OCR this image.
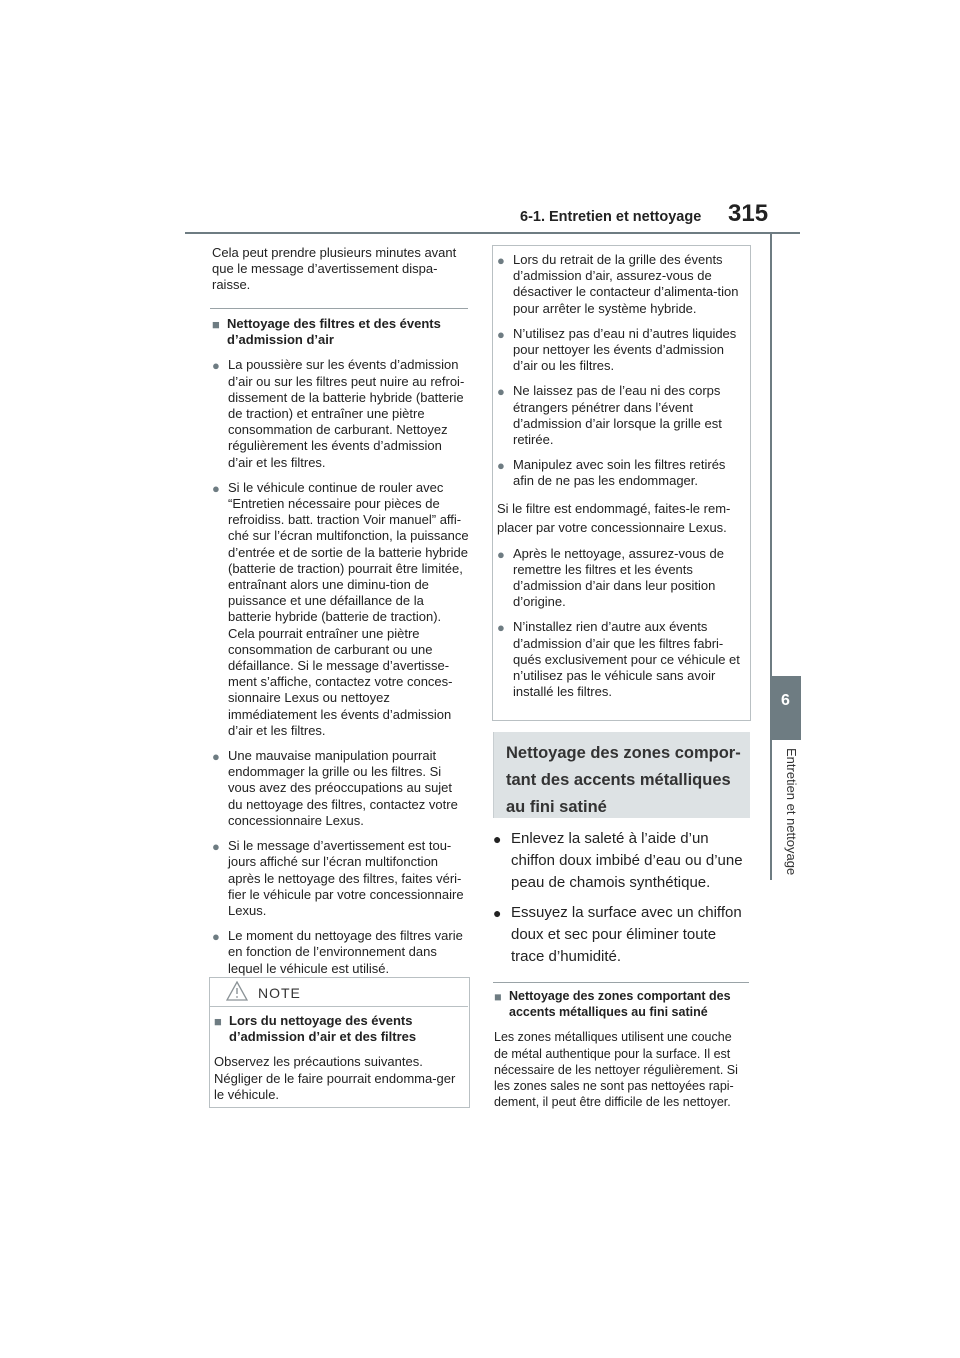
6-1. Entretien et nettoyage 315
6
Entretien et nettoyage
Cela peut prendre plusieurs minutes avant que le message d’avertissement dispa-raisse.
■ Nettoyage des filtres et des évents d’admission d’air
● La poussière sur les évents d’admission d’air ou sur les filtres peut nuire au refroi-dissement de la batterie hybride (batterie de traction) et entraîner une piètre consommation de carburant. Nettoyez régulièrement les évents d’admission d’air et les filtres.
● Si le véhicule continue de rouler avec “Entretien nécessaire pour pièces de refroidiss. batt. traction Voir manuel” affi-ché sur l’écran multifonction, la puissance d’entrée et de sortie de la batterie hybride (batterie de traction) pourrait être limitée, entraînant alors une diminu-tion de puissance et une défaillance de la batterie hybride (batterie de traction). Cela pourrait entraîner une piètre consommation de carburant ou une défaillance. Si le message d’avertisse-ment s’affiche, contactez votre conces-sionnaire Lexus ou nettoyez immédiatement les évents d’admission d’air et les filtres.
● Une mauvaise manipulation pourrait endommager la grille ou les filtres. Si vous avez des préoccupations au sujet du nettoyage des filtres, contactez votre concessionnaire Lexus.
● Si le message d’avertissement est tou-jours affiché sur l’écran multifonction après le nettoyage des filtres, faites véri-fier le véhicule par votre concessionnaire Lexus.
● Le moment du nettoyage des filtres varie en fonction de l’environnement dans lequel le véhicule est utilisé.
NOTE
■ Lors du nettoyage des évents d’admission d’air et des filtres
Observez les précautions suivantes. Négliger de le faire pourrait endomma-ger le véhicule.
● Lors du retrait de la grille des évents d’admission d’air, assurez-vous de désactiver le contacteur d’alimenta-tion pour arrêter le système hybride.
● N’utilisez pas d’eau ni d’autres liquides pour nettoyer les évents d’admission d’air ou les filtres.
● Ne laissez pas de l’eau ni des corps étrangers pénétrer dans l’évent d’admission d’air lorsque la grille est retirée.
● Manipulez avec soin les filtres retirés afin de ne pas les endommager.
Si le filtre est endommagé, faites-le rem-placer par votre concessionnaire Lexus.
● Après le nettoyage, assurez-vous de remettre les filtres et les évents d’admission d’air dans leur position d’origine.
● N’installez rien d’autre aux évents d’admission d’air que les filtres fabri-qués exclusivement pour ce véhicule et n’utilisez pas le véhicule sans avoir installé les filtres.
Nettoyage des zones compor-tant des accents métalliques au fini satiné
● Enlevez la saleté à l’aide d’un chiffon doux imbibé d’eau ou d’une peau de chamois synthétique.
● Essuyez la surface avec un chiffon doux et sec pour éliminer toute trace d’humidité.
■ Nettoyage des zones comportant des accents métalliques au fini satiné
Les zones métalliques utilisent une couche de métal authentique pour la surface. Il est nécessaire de les nettoyer régulièrement. Si les zones sales ne sont pas nettoyées rapi-dement, il peut être difficile de les nettoyer.
